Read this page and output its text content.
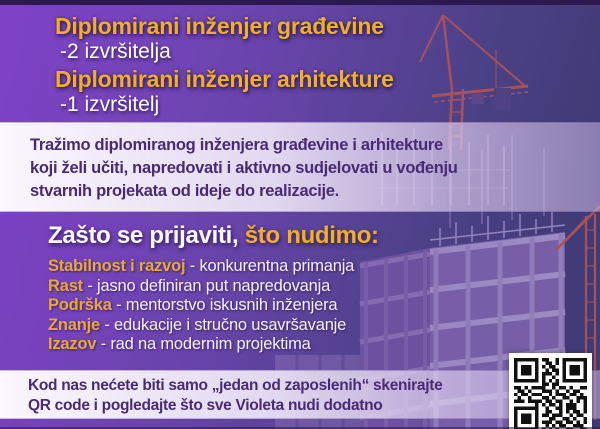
Diplomirani inženjer građevine
-2 izvršitelja
Diplomirani inženjer arhitekture
-1 izvršitelj
Tražimo diplomiranog inženjera građevine i arhitekture
koji želi učiti, napredovati i aktivno sudjelovati u vođenju
stvarnih projekata od ideje do realizacije.
Zašto se prijaviti, što nudimo:
Stabilnost i razvoj - konkurentna primanja
Rast - jasno definiran put napredovanja
Podrška - mentorstvo iskusnih inženjera
Znanje - edukacije i stručno usavršavanje
Izazov - rad na modernim projektima
Kod nas nećete biti samo „jedan od zaposlenih“ skenirajte
QR code i pogledajte što sve Violeta nudi dodatno
